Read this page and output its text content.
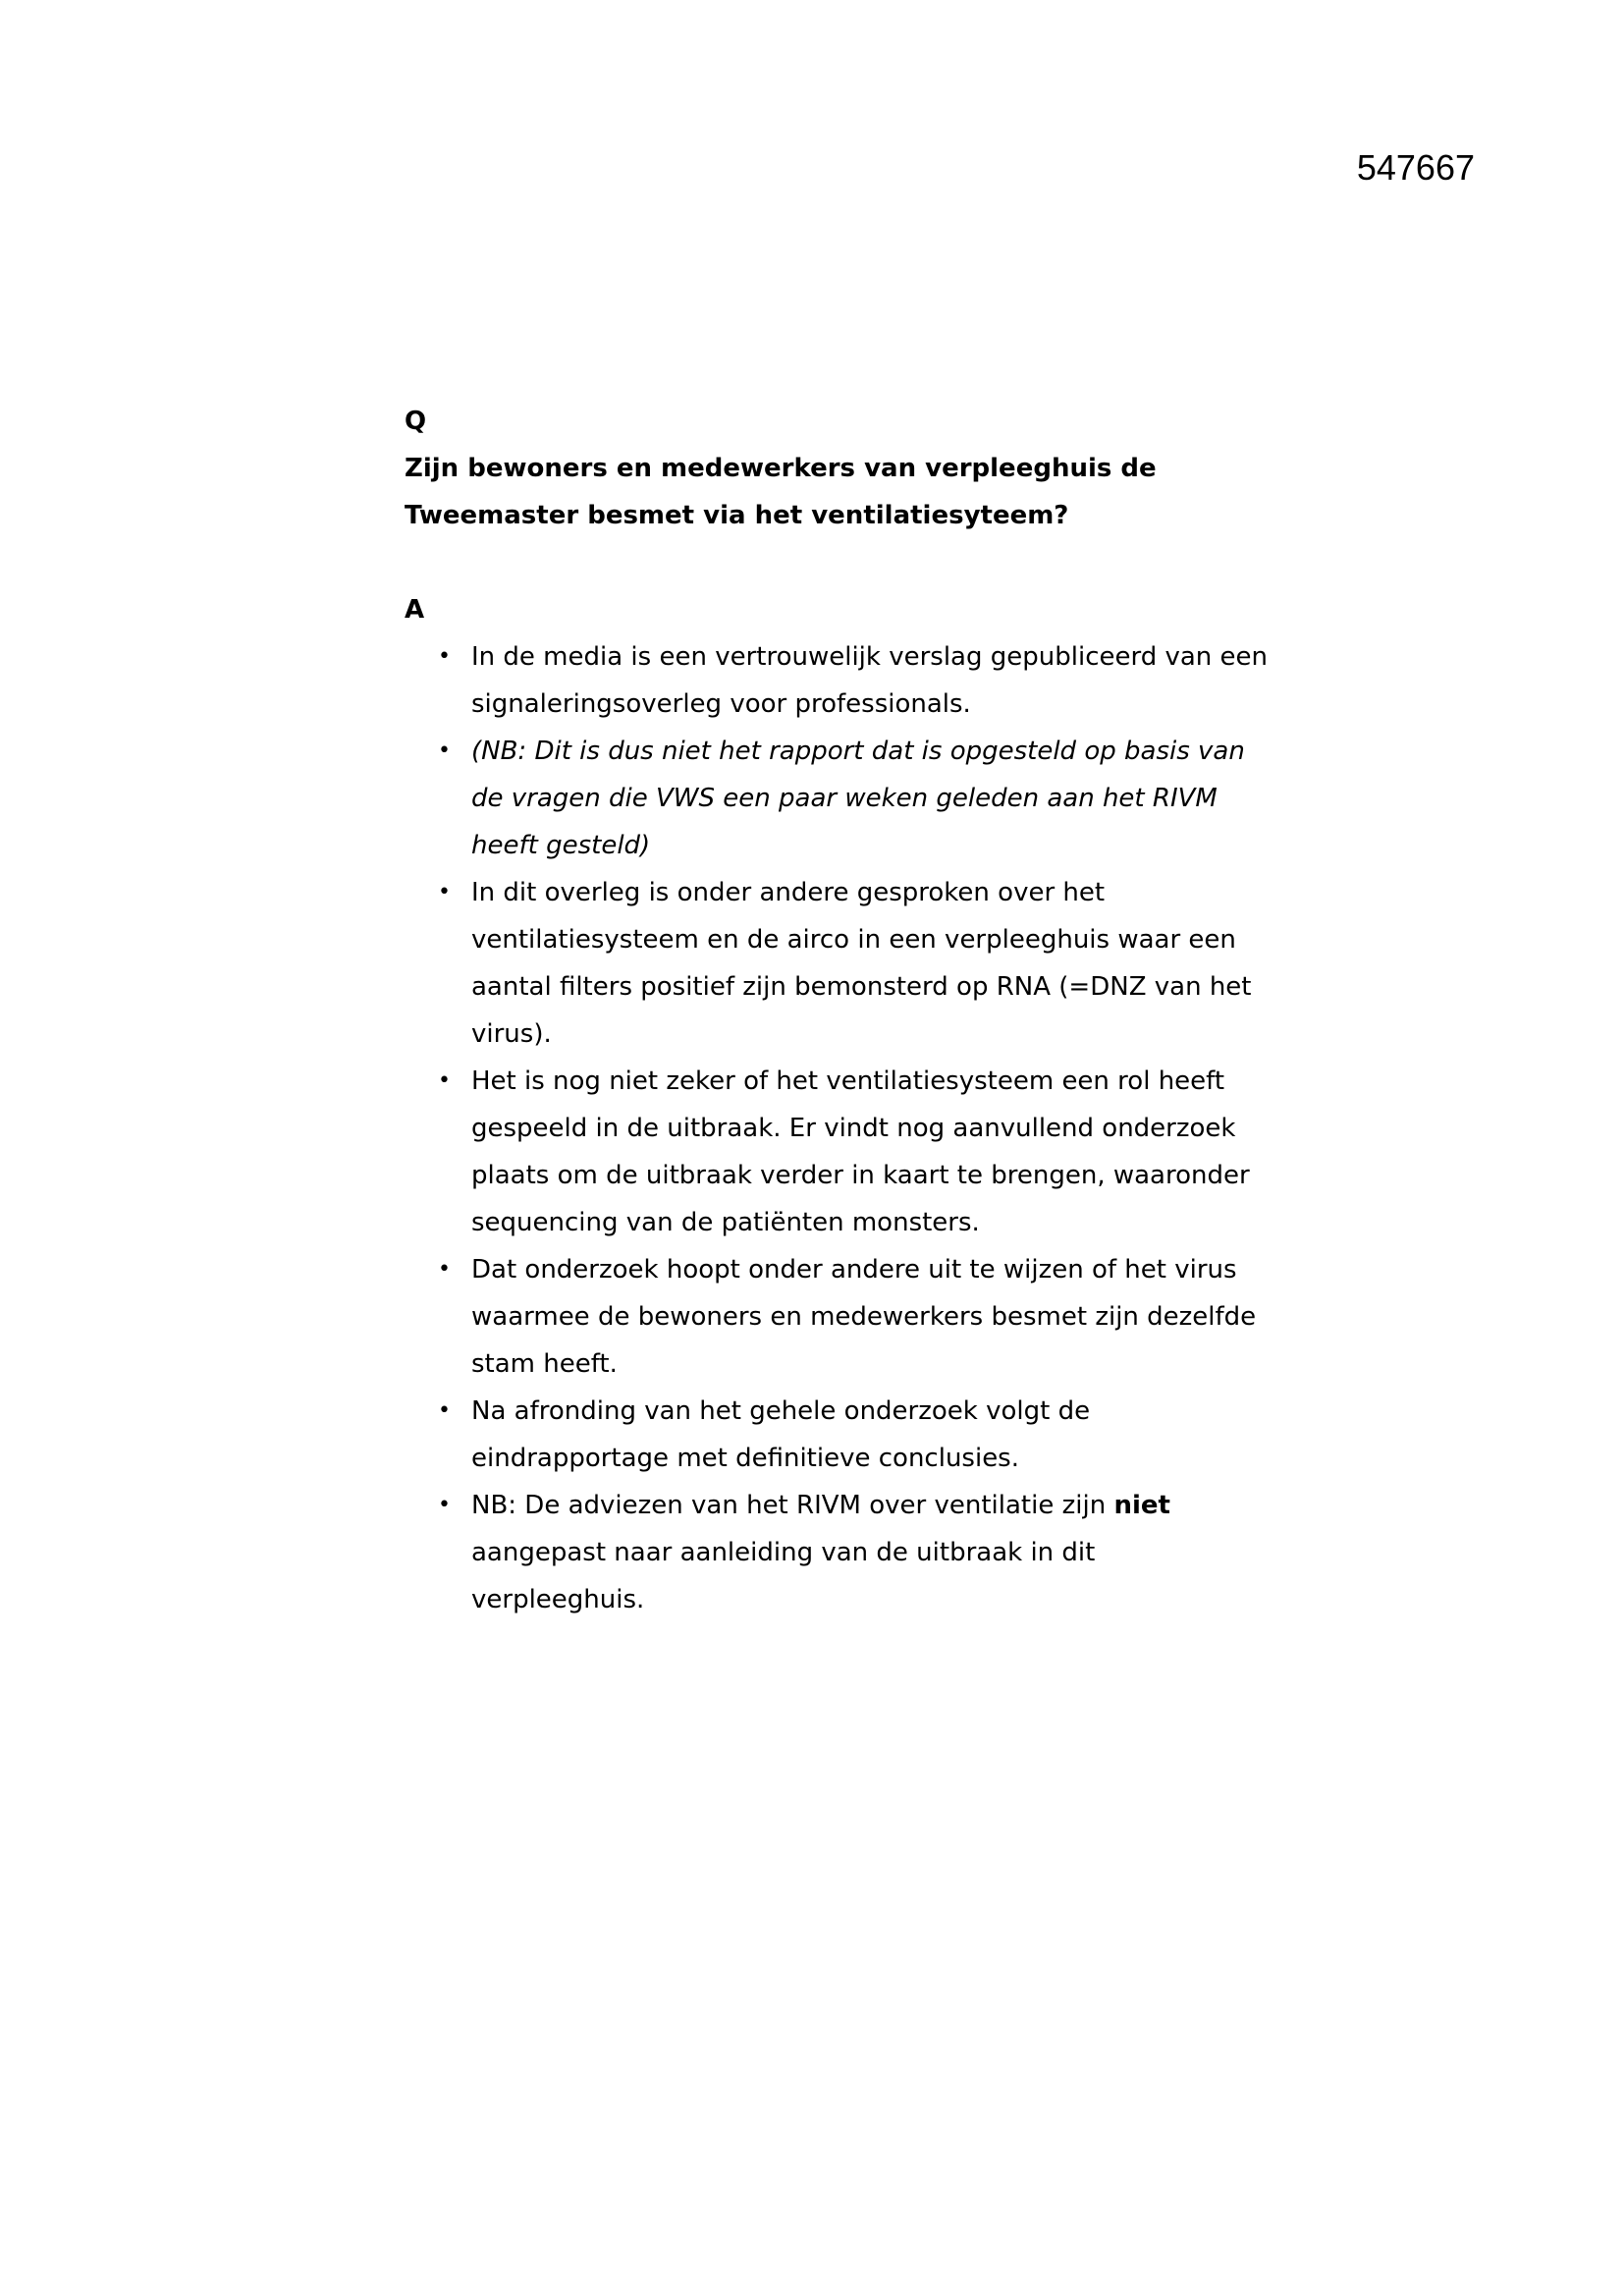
547667

Q

Zijn bewoners en medewerkers van verpleeghuis de Tweemaster besmet via het ventilatiesyteem?

A

• In de media is een vertrouwelijk verslag gepubliceerd van een signaleringsoverleg voor professionals.
• (NB: Dit is dus niet het rapport dat is opgesteld op basis van de vragen die VWS een paar weken geleden aan het RIVM heeft gesteld)
• In dit overleg is onder andere gesproken over het ventilatiesysteem en de airco in een verpleeghuis waar een aantal filters positief zijn bemonsterd op RNA (=DNZ van het virus).
• Het is nog niet zeker of het ventilatiesysteem een rol heeft gespeeld in de uitbraak. Er vindt nog aanvullend onderzoek plaats om de uitbraak verder in kaart te brengen, waaronder sequencing van de patiënten monsters.
• Dat onderzoek hoopt onder andere uit te wijzen of het virus waarmee de bewoners en medewerkers besmet zijn dezelfde stam heeft.
• Na afronding van het gehele onderzoek volgt de eindrapportage met definitieve conclusies.
• NB: De adviezen van het RIVM over ventilatie zijn niet aangepast naar aanleiding van de uitbraak in dit verpleeghuis.
